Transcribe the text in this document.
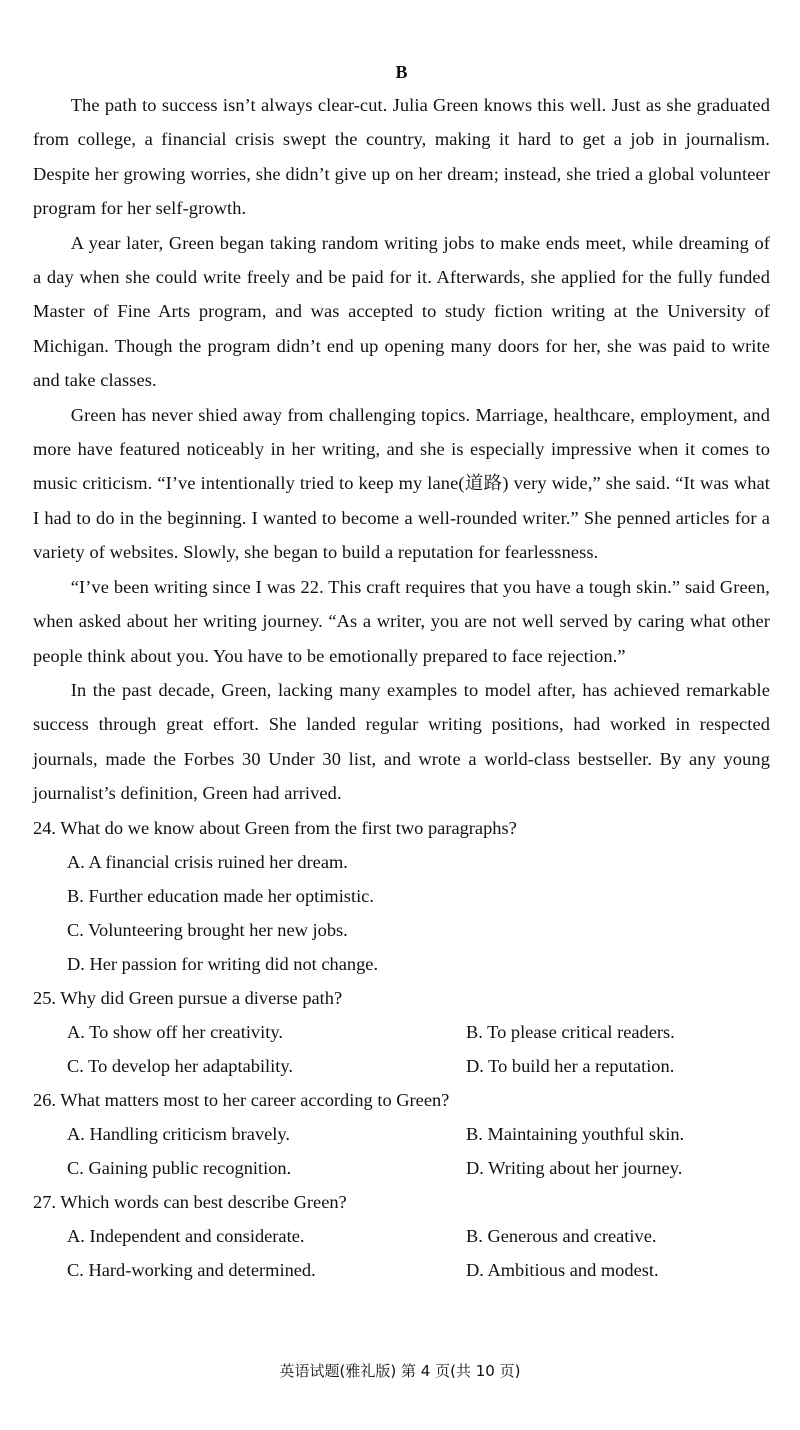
B

The path to success isn’t always clear-cut. Julia Green knows this well. Just as she graduated from college, a financial crisis swept the country, making it hard to get a job in journalism. Despite her growing worries, she didn’t give up on her dream; instead, she tried a global volunteer program for her self-growth.

A year later, Green began taking random writing jobs to make ends meet, while dreaming of a day when she could write freely and be paid for it. Afterwards, she applied for the fully funded Master of Fine Arts program, and was accepted to study fiction writing at the University of Michigan. Though the program didn’t end up opening many doors for her, she was paid to write and take classes.

Green has never shied away from challenging topics. Marriage, healthcare, employment, and more have featured noticeably in her writing, and she is especially impressive when it comes to music criticism. “I’ve intentionally tried to keep my lane(道路) very wide,” she said. “It was what I had to do in the beginning. I wanted to become a well-rounded writer.” She penned articles for a variety of websites. Slowly, she began to build a reputation for fearlessness.

“I’ve been writing since I was 22. This craft requires that you have a tough skin.” said Green, when asked about her writing journey. “As a writer, you are not well served by caring what other people think about you. You have to be emotionally prepared to face rejection.”

In the past decade, Green, lacking many examples to model after, has achieved remarkable success through great effort. She landed regular writing positions, had worked in respected journals, made the Forbes 30 Under 30 list, and wrote a world-class bestseller. By any young journalist’s definition, Green had arrived.

24. What do we know about Green from the first two paragraphs?

A. A financial crisis ruined her dream.
B. Further education made her optimistic.
C. Volunteering brought her new jobs.
D. Her passion for writing did not change.

25. Why did Green pursue a diverse path?

A. To show off her creativity.	B. To please critical readers.
C. To develop her adaptability.	D. To build her a reputation.

26. What matters most to her career according to Green?

A. Handling criticism bravely.	B. Maintaining youthful skin.
C. Gaining public recognition.	D. Writing about her journey.

27. Which words can best describe Green?

A. Independent and considerate.	B. Generous and creative.
C. Hard-working and determined.	D. Ambitious and modest.
英语试题(雅礼版) 第 4 页(共 10 页)
